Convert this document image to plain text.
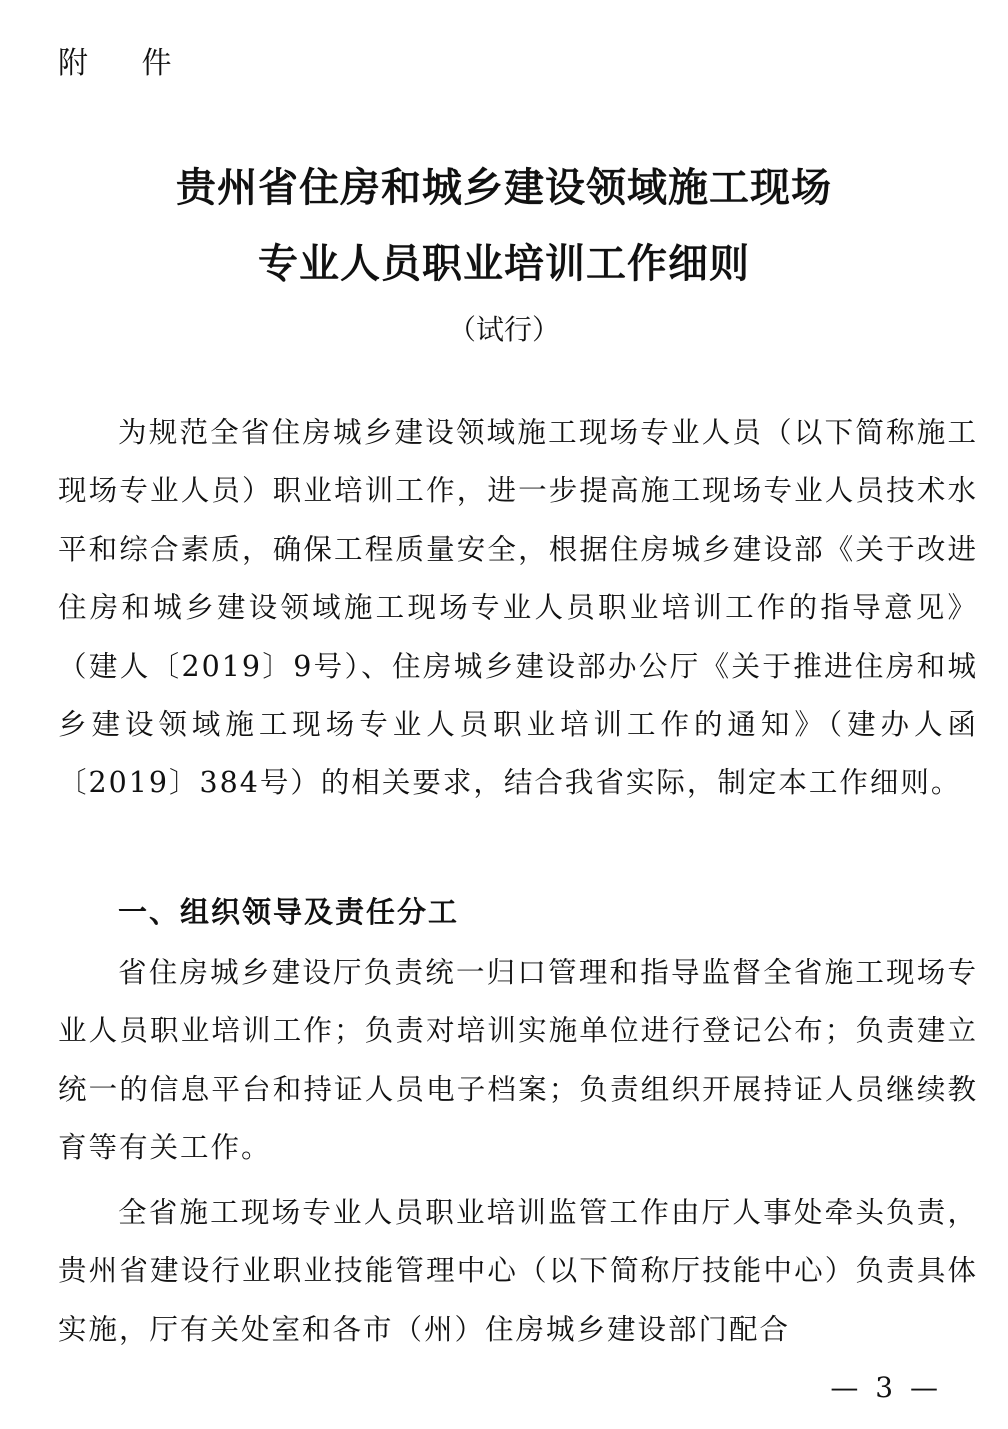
附 件
贵州省住房和城乡建设领域施工现场
专业人员职业培训工作细则
（试行）

为规范全省住房城乡建设领域施工现场专业人员（以下简称施工现场专业人员）职业培训工作，进一步提高施工现场专业人员技术水平和综合素质，确保工程质量安全，根据住房城乡建设部《关于改进住房和城乡建设领域施工现场专业人员职业培训工作的指导意见》（建人〔2019〕9号）、住房城乡建设部办公厅《关于推进住房和城乡建设领域施工现场专业人员职业培训工作的通知》（建办人函〔2019〕384号）的相关要求，结合我省实际，制定本工作细则。

一、组织领导及责任分工

省住房城乡建设厅负责统一归口管理和指导监督全省施工现场专业人员职业培训工作；负责对培训实施单位进行登记公布；负责建立统一的信息平台和持证人员电子档案；负责组织开展持证人员继续教育等有关工作。

全省施工现场专业人员职业培训监管工作由厅人事处牵头负责，贵州省建设行业职业技能管理中心（以下简称厅技能中心）负责具体实施，厅有关处室和各市（州）住房城乡建设部门配合

— 3 —
